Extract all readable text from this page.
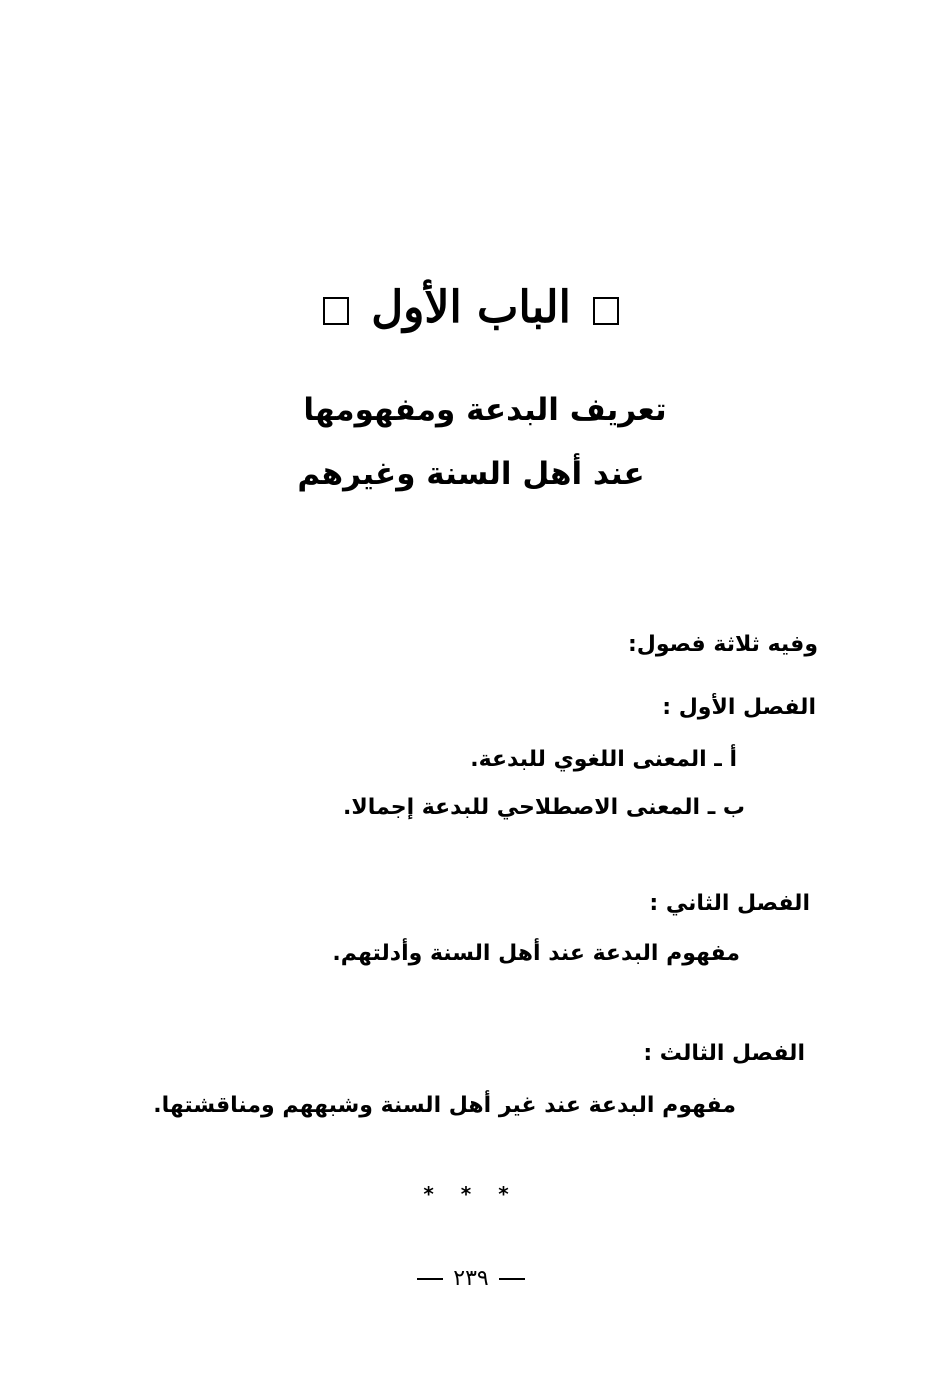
الباب الأول
تعريف البدعة ومفهومها
عند أهل السنة وغيرهم
وفيه ثلاثة فصول:
الفصل الأول :
أ ـ المعنى اللغوي للبدعة.
ب ـ المعنى الاصطلاحي للبدعة إجمالا.
الفصل الثاني :
مفهوم البدعة عند أهل السنة وأدلتهم.
الفصل الثالث :
مفهوم البدعة عند غير أهل السنة وشبههم ومناقشتها.
* * *
٢٣٩
